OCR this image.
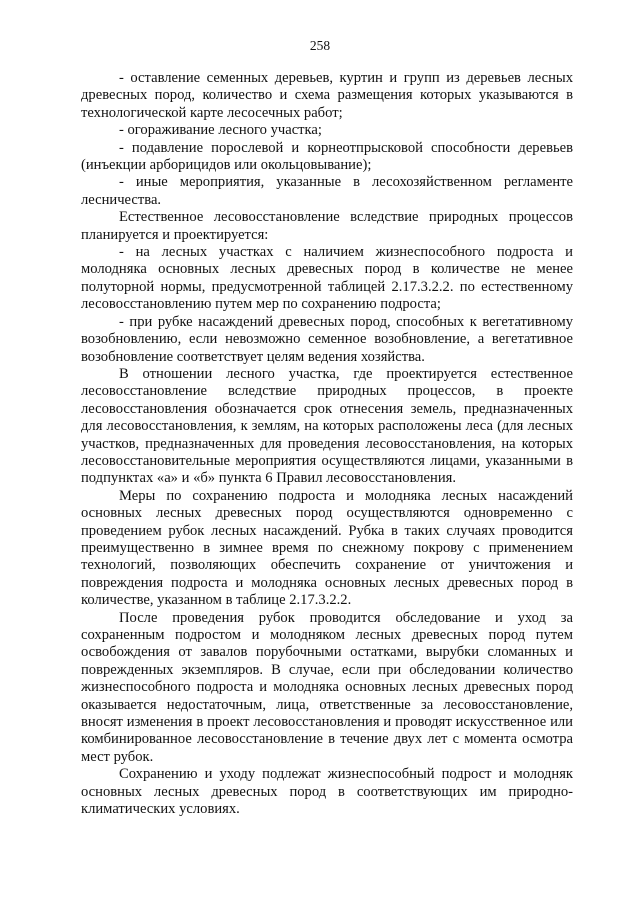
258

- оставление семенных деревьев, куртин и групп из деревьев лесных древесных пород, количество и схема размещения которых указываются в технологической карте лесосечных работ;

- огораживание лесного участка;

- подавление порослевой и корнеотпрысковой способности деревьев (инъекции арборицидов или окольцовывание);

- иные мероприятия, указанные в лесохозяйственном регламенте лесничества.

Естественное лесовосстановление вследствие природных процессов планируется и проектируется:

- на лесных участках с наличием жизнеспособного подроста и молодняка основных лесных древесных пород в количестве не менее полуторной нормы, предусмотренной таблицей 2.17.3.2.2. по естественному лесовосстановлению путем мер по сохранению подроста;

- при рубке насаждений древесных пород, способных к вегетативному возобновлению, если невозможно семенное возобновление, а вегетативное возобновление соответствует целям ведения хозяйства.

В отношении лесного участка, где проектируется естественное лесовосстановление вследствие природных процессов, в проекте лесовосстановления обозначается срок отнесения земель, предназначенных для лесовосстановления, к землям, на которых расположены леса (для лесных участков, предназначенных для проведения лесовосстановления, на которых лесовосстановительные мероприятия осуществляются лицами, указанными в подпунктах «а» и «б» пункта 6 Правил лесовосстановления.

Меры по сохранению подроста и молодняка лесных насаждений основных лесных древесных пород осуществляются одновременно с проведением рубок лесных насаждений. Рубка в таких случаях проводится преимущественно в зимнее время по снежному покрову с применением технологий, позволяющих обеспечить сохранение от уничтожения и повреждения подроста и молодняка основных лесных древесных пород в количестве, указанном в таблице 2.17.3.2.2.

После проведения рубок проводится обследование и уход за сохраненным подростом и молодняком лесных древесных пород путем освобождения от завалов порубочными остатками, вырубки сломанных и поврежденных экземпляров. В случае, если при обследовании количество жизнеспособного подроста и молодняка основных лесных древесных пород оказывается недостаточным, лица, ответственные за лесовосстановление, вносят изменения в проект лесовосстановления и проводят искусственное или комбинированное лесовосстановление в течение двух лет с момента осмотра мест рубок.

Сохранению и уходу подлежат жизнеспособный подрост и молодняк основных лесных древесных пород в соответствующих им природно-климатических условиях.
